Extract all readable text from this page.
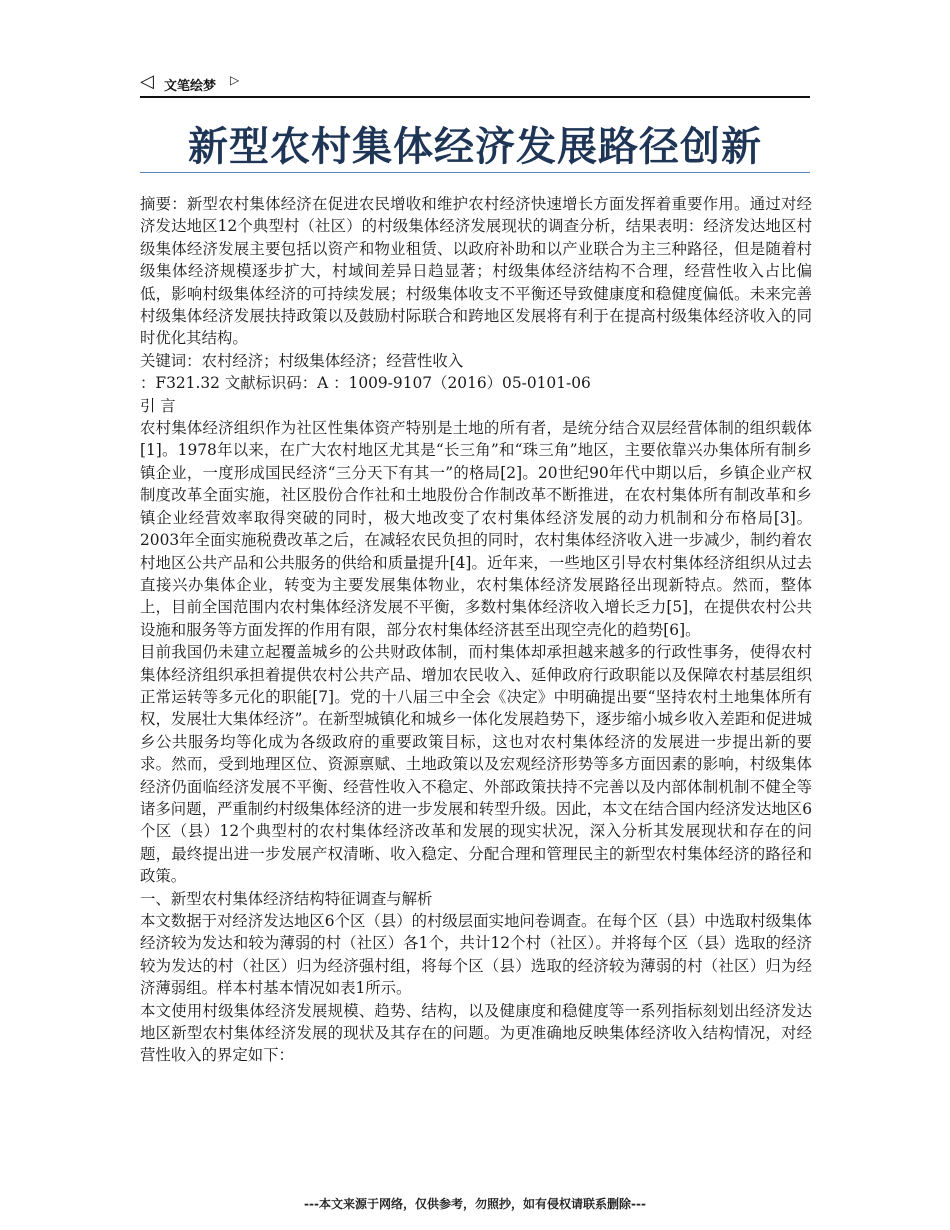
◁ 文笔绘梦 ▷
新型农村集体经济发展路径创新

摘要：新型农村集体经济在促进农民增收和维护农村经济快速增长方面发挥着重要作用。通过对经济发达地区12个典型村（社区）的村级集体经济发展现状的调查分析，结果表明：经济发达地区村级集体经济发展主要包括以资产和物业租赁、以政府补助和以产业联合为主三种路径，但是随着村级集体经济规模逐步扩大，村域间差异日趋显著；村级集体经济结构不合理，经营性收入占比偏低，影响村级集体经济的可持续发展；村级集体收支不平衡还导致健康度和稳健度偏低。未来完善村级集体经济发展扶持政策以及鼓励村际联合和跨地区发展将有利于在提高村级集体经济收入的同时优化其结构。

关键词：农村经济；村级集体经济；经营性收入

：F321.32 文献标识码：A ：1009-9107（2016）05-0101-06

引 言

农村集体经济组织作为社区性集体资产特别是土地的所有者，是统分结合双层经营体制的组织载体[1]。1978年以来，在广大农村地区尤其是“长三角”和“珠三角”地区，主要依靠兴办集体所有制乡镇企业，一度形成国民经济“三分天下有其一”的格局[2]。20世纪90年代中期以后，乡镇企业产权制度改革全面实施，社区股份合作社和土地股份合作制改革不断推进，在农村集体所有制改革和乡镇企业经营效率取得突破的同时，极大地改变了农村集体经济发展的动力机制和分布格局[3]。2003年全面实施税费改革之后，在减轻农民负担的同时，农村集体经济收入进一步减少，制约着农村地区公共产品和公共服务的供给和质量提升[4]。近年来，一些地区引导农村集体经济组织从过去直接兴办集体企业，转变为主要发展集体物业，农村集体经济发展路径出现新特点。然而，整体上，目前全国范围内农村集体经济发展不平衡，多数村集体经济收入增长乏力[5]，在提供农村公共设施和服务等方面发挥的作用有限，部分农村集体经济甚至出现空壳化的趋势[6]。

目前我国仍未建立起覆盖城乡的公共财政体制，而村集体却承担越来越多的行政性事务，使得农村集体经济组织承担着提供农村公共产品、增加农民收入、延伸政府行政职能以及保障农村基层组织正常运转等多元化的职能[7]。党的十八届三中全会《决定》中明确提出要“坚持农村土地集体所有权，发展壮大集体经济”。在新型城镇化和城乡一体化发展趋势下，逐步缩小城乡收入差距和促进城乡公共服务均等化成为各级政府的重要政策目标，这也对农村集体经济的发展进一步提出新的要求。然而，受到地理区位、资源禀赋、土地政策以及宏观经济形势等多方面因素的影响，村级集体经济仍面临经济发展不平衡、经营性收入不稳定、外部政策扶持不完善以及内部体制机制不健全等诸多问题，严重制约村级集体经济的进一步发展和转型升级。因此，本文在结合国内经济发达地区6个区（县）12个典型村的农村集体经济改革和发展的现实状况，深入分析其发展现状和存在的问题，最终提出进一步发展产权清晰、收入稳定、分配合理和管理民主的新型农村集体经济的路径和政策。

一、新型农村集体经济结构特征调查与解析

本文数据于对经济发达地区6个区（县）的村级层面实地问卷调查。在每个区（县）中选取村级集体经济较为发达和较为薄弱的村（社区）各1个，共计12个村（社区）。并将每个区（县）选取的经济较为发达的村（社区）归为经济强村组，将每个区（县）选取的经济较为薄弱的村（社区）归为经济薄弱组。样本村基本情况如表1所示。

本文使用村级集体经济发展规模、趋势、结构，以及健康度和稳健度等一系列指标刻划出经济发达地区新型农村集体经济发展的现状及其存在的问题。为更准确地反映集体经济收入结构情况，对经营性收入的界定如下：

---本文来源于网络，仅供参考，勿照抄，如有侵权请联系删除---
